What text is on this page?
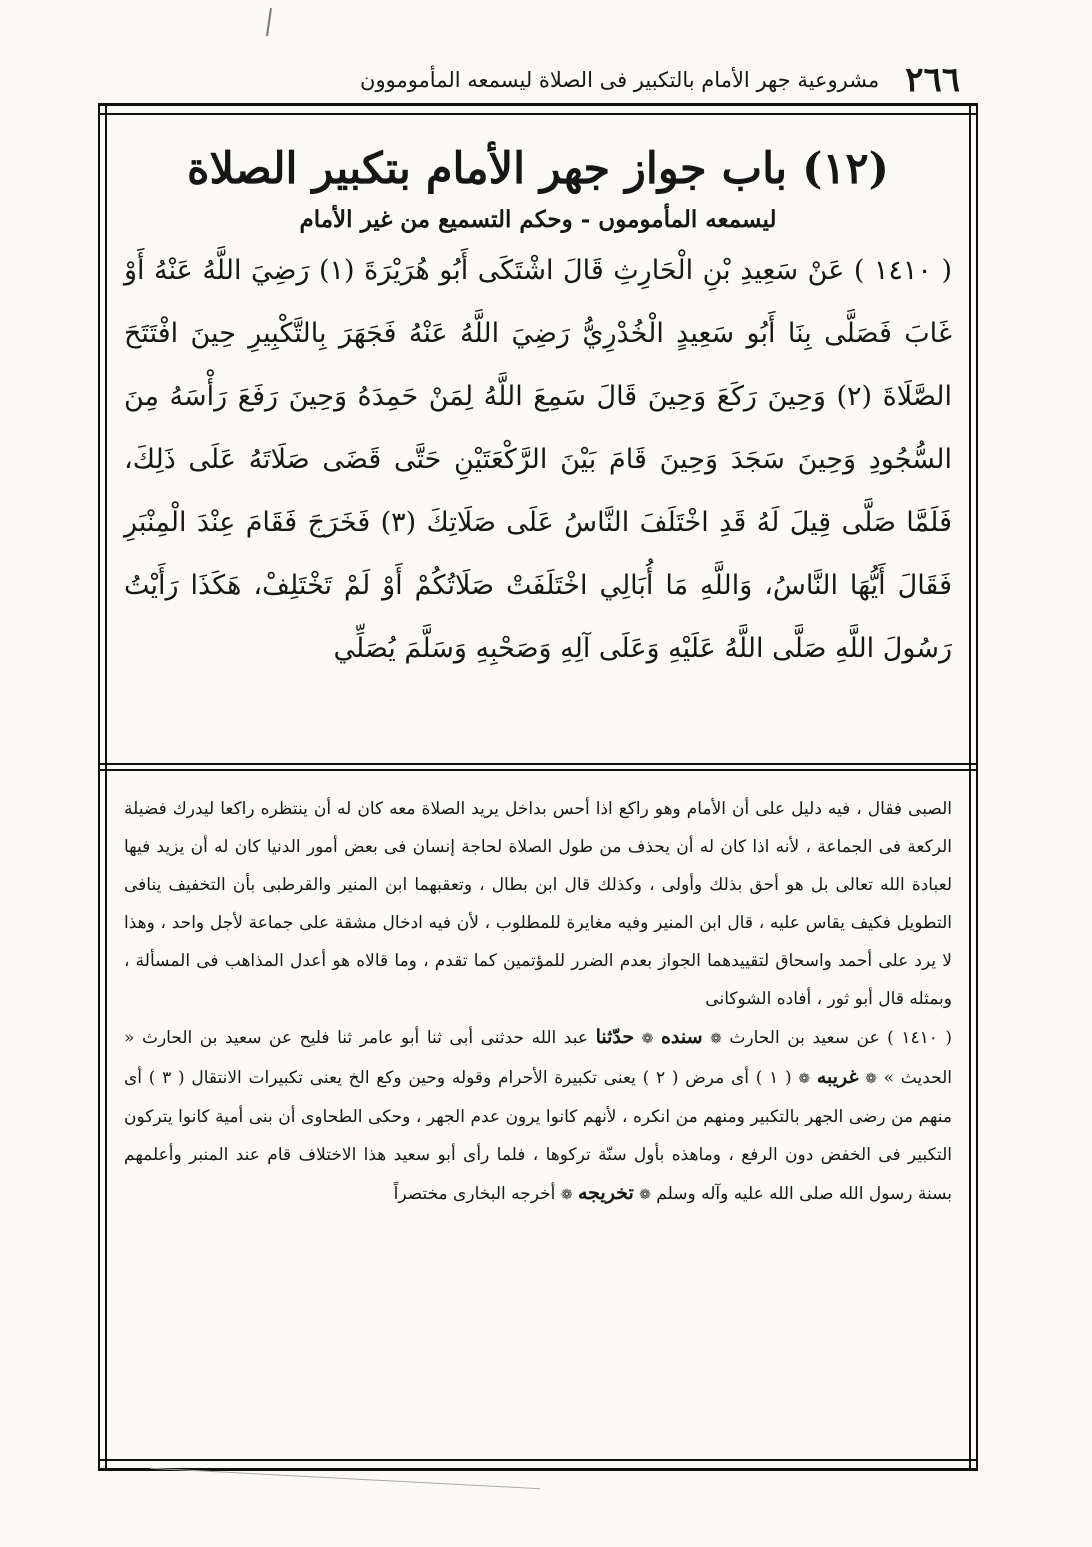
٢٦٦
مشروعية جهر الأمام بالتكبير فى الصلاة ليسمعه المأموموون
(١٢) باب جواز جهر الأمام بتكبير الصلاة
ليسمعه المأموموں - وحكم التسميع من غير الأمام
( ١٤١٠ ) عَنْ سَعِيدِ بْنِ الْحَارِثِ قَالَ اشْتَكَى أَبُو هُرَيْرَةَ (١) رَضِيَ اللَّهُ عَنْهُ أَوْ غَابَ فَصَلَّى بِنَا أَبُو سَعِيدٍ الْخُدْرِيُّ رَضِيَ اللَّهُ عَنْهُ فَجَهَرَ بِالتَّكْبِيرِ حِينَ افْتَتَحَ الصَّلَاةَ (٢) وَحِينَ رَكَعَ وَحِينَ قَالَ سَمِعَ اللَّهُ لِمَنْ حَمِدَهُ وَحِينَ رَفَعَ رَأْسَهُ مِنَ السُّجُودِ وَحِينَ سَجَدَ وَحِينَ قَامَ بَيْنَ الرَّكْعَتَيْنِ حَتَّى قَضَى صَلَاتَهُ عَلَى ذَلِكَ، فَلَمَّا صَلَّى قِيلَ لَهُ قَدِ اخْتَلَفَ النَّاسُ عَلَى صَلَاتِكَ (٣) فَخَرَجَ فَقَامَ عِنْدَ الْمِنْبَرِ فَقَالَ أَيُّهَا النَّاسُ، وَاللَّهِ مَا أُبَالِي اخْتَلَفَتْ صَلَاتُكُمْ أَوْ لَمْ تَخْتَلِفْ، هَكَذَا رَأَيْتُ رَسُولَ اللَّهِ صَلَّى اللَّهُ عَلَيْهِ وَعَلَى آلِهِ وَصَحْبِهِ وَسَلَّمَ يُصَلِّي

الصبى فقال ، فيه دليل على أن الأمام وهو راكع اذا أحس بداخل يريد الصلاة معه كان له أن ينتظره راكعا ليدرك فضيلة الركعة فى الجماعة ، لأنه اذا كان له أن يحذف من طول الصلاة لحاجة إنسان فى بعض أمور الدنيا كان له أن يزيد فيها لعبادة الله تعالى بل هو أحق بذلك وأولى ، وكذلك قال ابن بطال ، وتعقبهما ابن المنير والقرطبى بأن التخفيف ينافى التطويل فكيف يقاس عليه ، قال ابن المنير وفيه مغايرة للمطلوب ، لأن فيه ادخال مشقة على جماعة لأجل واحد ، وهذا لا يرد على أحمد واسحاق لتقييدهما الجواز بعدم الضرر للمؤتمين كما تقدم ، وما قالاه هو أعدل المذاهب فى المسألة ، وبمثله قال أبو ثور ، أفاده الشوكانى

( ١٤١٠ ) عن سعيد بن الحارث ❁ سنده ❁ حدّثنا عبد الله حدثنى أبى ثنا أبو عامر ثنا فليح عن سعيد بن الحارث « الحديث » ❁ غريبه ❁ ( ١ ) أى مرض ( ٢ ) يعنى تكبيرة الأحرام وقوله وحين وكع الخ يعنى تكبيرات الانتقال ( ٣ ) أى منهم من رضى الجهر بالتكبير ومنهم من انكره ، لأنهم كانوا يرون عدم الجهر ، وحكى الطحاوى أن بنى أمية كانوا يتركون التكبير فى الخفض دون الرفع ، وماهذه بأول سنّة تركوها ، فلما رأى أبو سعيد هذا الاختلاف قام عند المنبر وأعلمهم بسنة رسول الله صلى الله عليه وآله وسلم ❁ تخريجه ❁ أخرجه البخارى مختصراً
